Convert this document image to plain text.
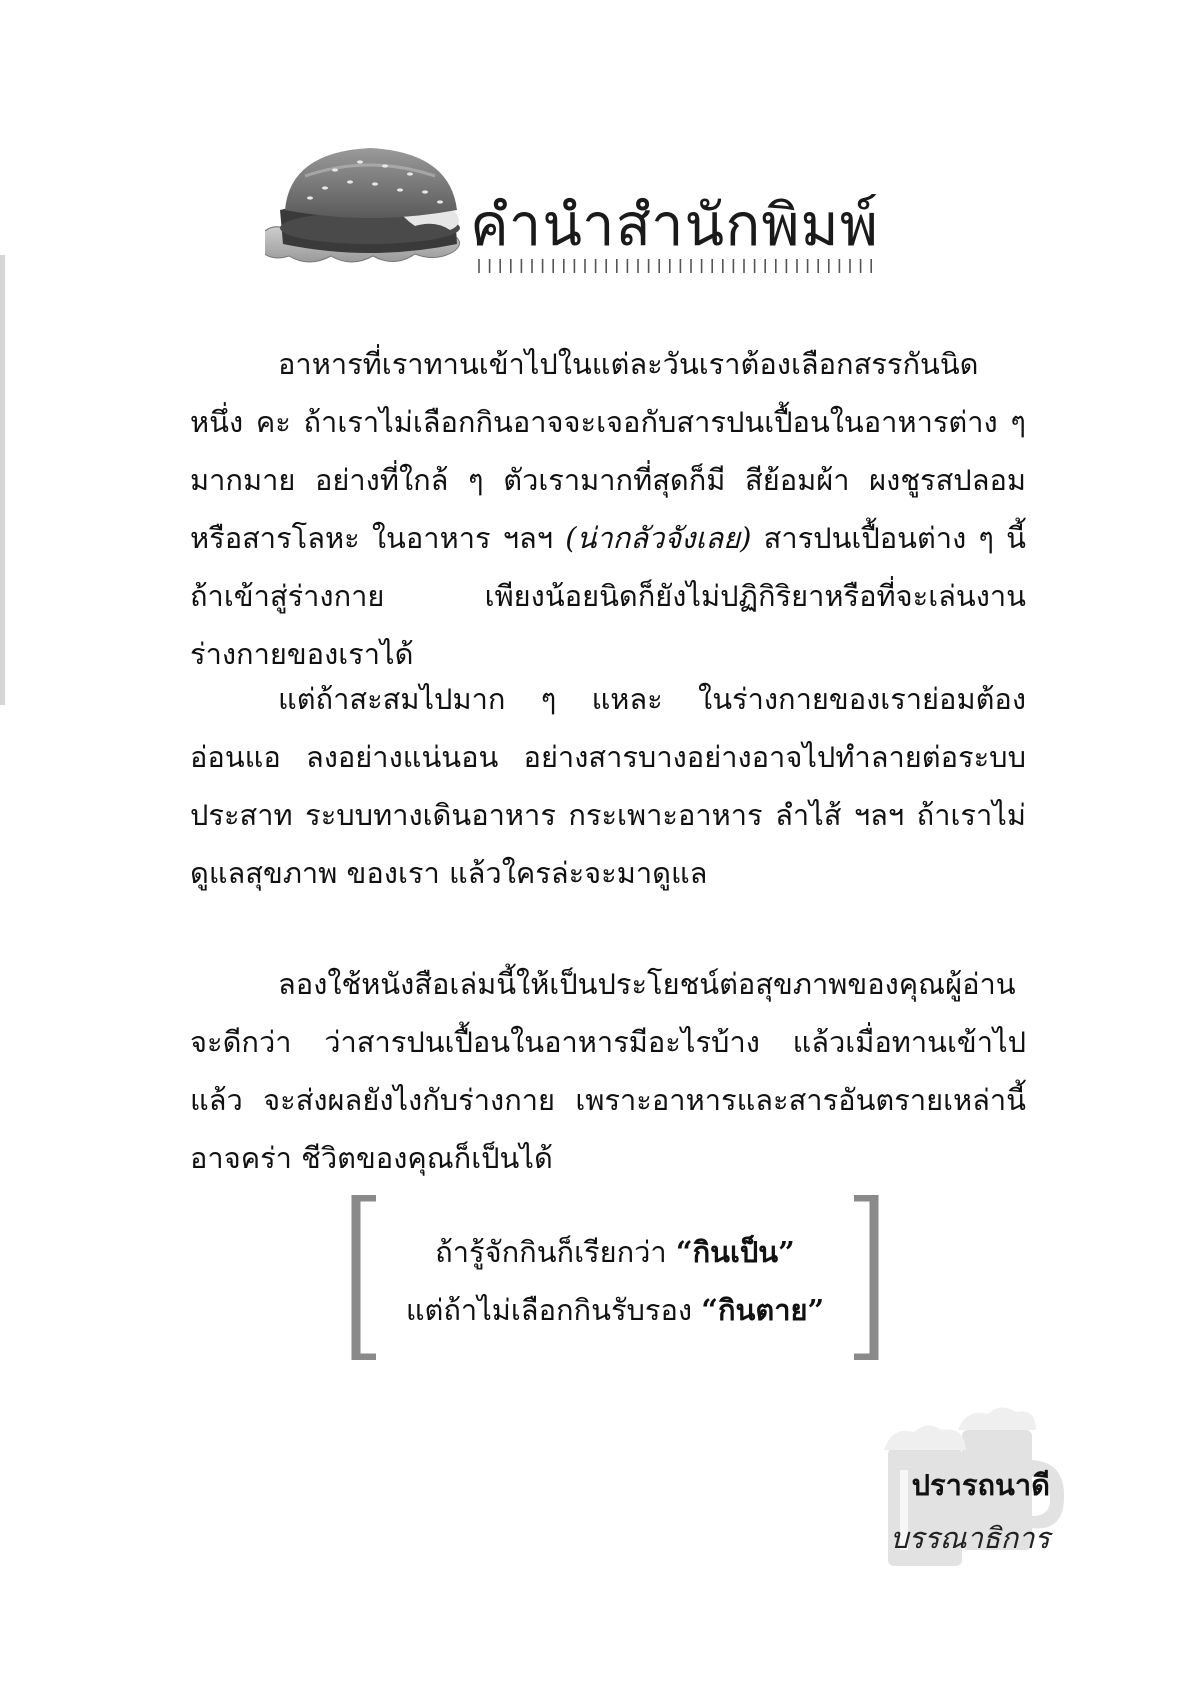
คำนำสำนักพิมพ์

อาหารที่เราทานเข้าไปในแต่ละวันเราต้องเลือกสรรกันนิดหนึ่ง คะ ถ้าเราไม่เลือกกินอาจจะเจอกับสารปนเปื้อนในอาหารต่าง ๆ มากมาย อย่างที่ใกล้ ๆ ตัวเรามากที่สุดก็มี สีย้อมผ้า ผงชูรสปลอม หรือสารโลหะ ในอาหาร ฯลฯ (น่ากลัวจังเลย) สารปนเปื้อนต่าง ๆ นี้ถ้าเข้าสู่ร่างกาย เพียงน้อยนิดก็ยังไม่ปฏิกิริยาหรือที่จะเล่นงานร่างกายของเราได้

แต่ถ้าสะสมไปมาก ๆ แหละ ในร่างกายของเราย่อมต้องอ่อนแอ ลงอย่างแน่นอน อย่างสารบางอย่างอาจไปทำลายต่อระบบประสาท ระบบทางเดินอาหาร กระเพาะอาหาร ลำไส้ ฯลฯ ถ้าเราไม่ดูแลสุขภาพ ของเรา แล้วใครล่ะจะมาดูแล

ลองใช้หนังสือเล่มนี้ให้เป็นประโยชน์ต่อสุขภาพของคุณผู้อ่าน จะดีกว่า ว่าสารปนเปื้อนในอาหารมีอะไรบ้าง แล้วเมื่อทานเข้าไปแล้ว จะส่งผลยังไงกับร่างกาย เพราะอาหารและสารอันตรายเหล่านี้อาจคร่า ชีวิตของคุณก็เป็นได้

ถ้ารู้จักกินก็เรียกว่า “กินเป็น”
แต่ถ้าไม่เลือกกินรับรอง “กินตาย”
ปรารถนาดี
บรรณาธิการ
